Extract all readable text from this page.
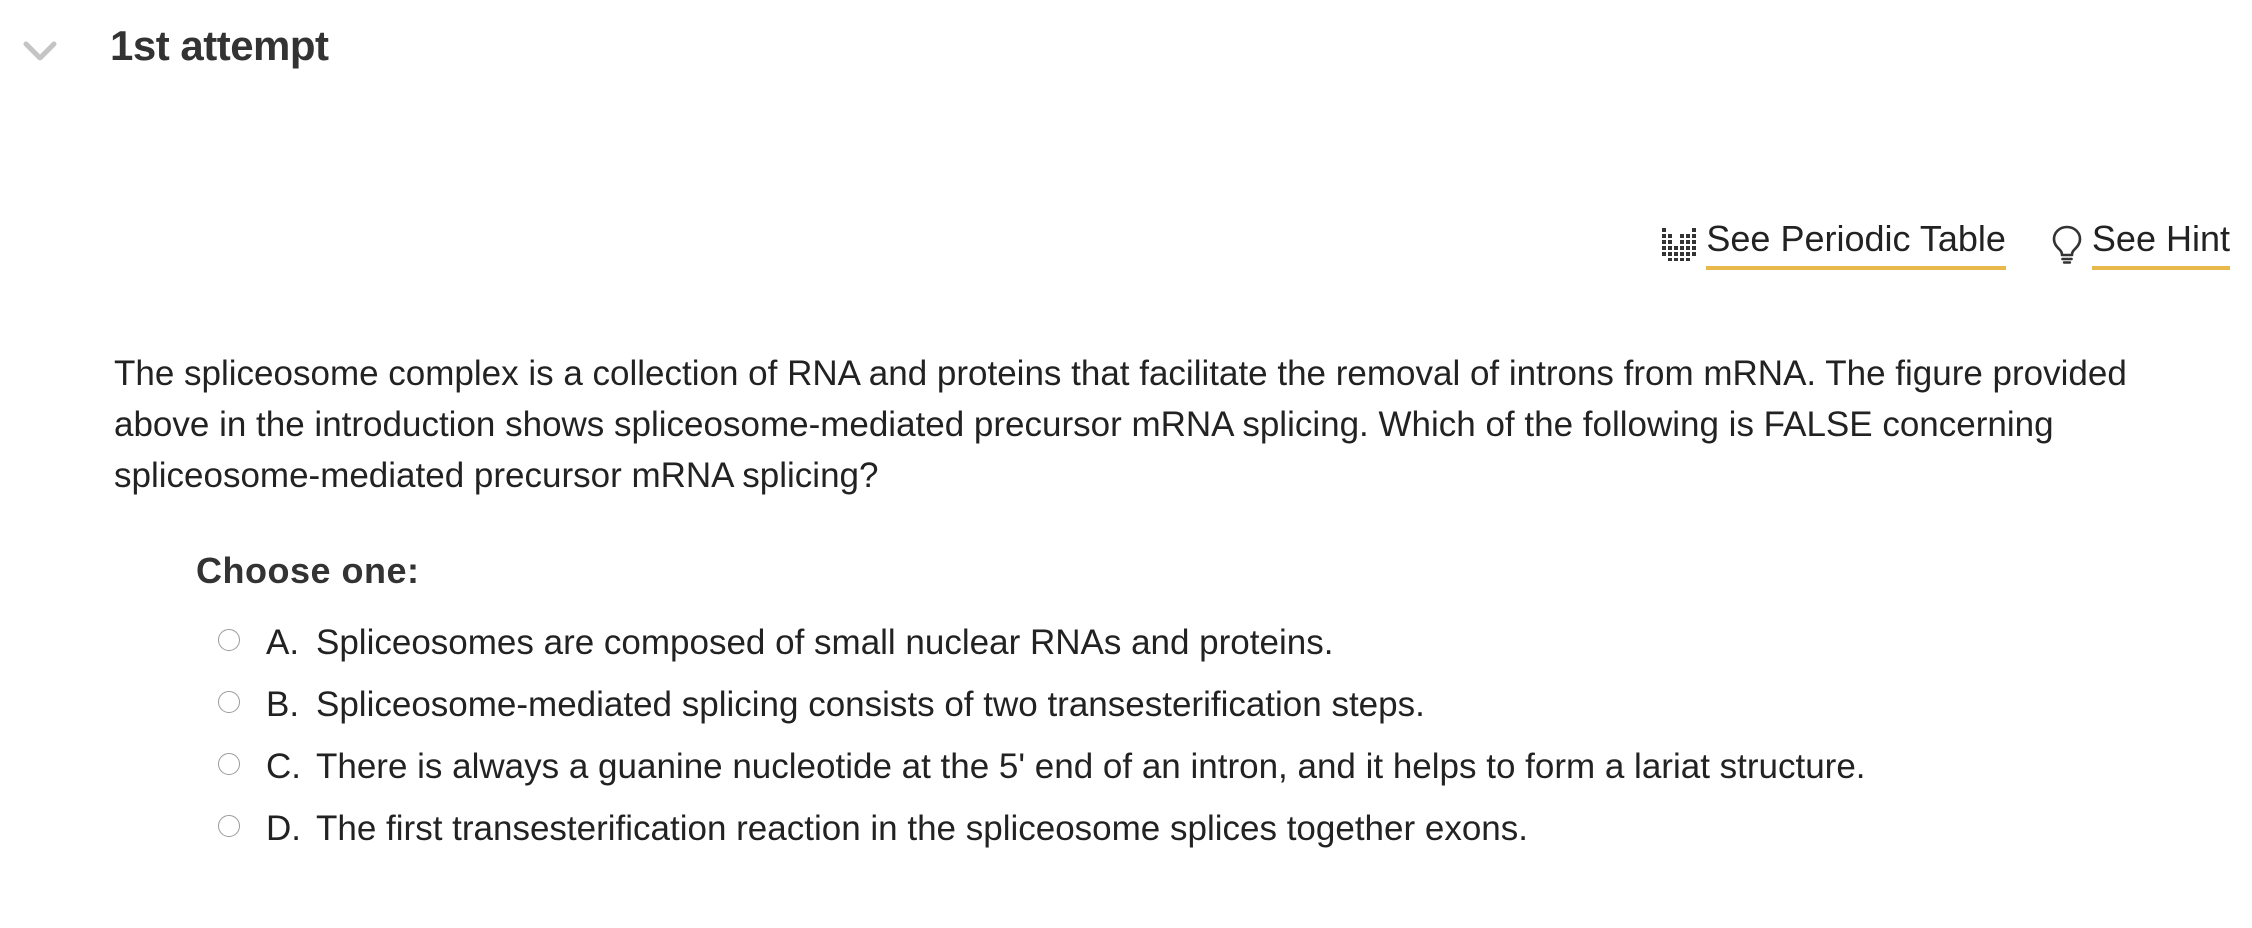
1st attempt
See Periodic Table See Hint
The spliceosome complex is a collection of RNA and proteins that facilitate the removal of introns from mRNA. The figure provided above in the introduction shows spliceosome-mediated precursor mRNA splicing. Which of the following is FALSE concerning spliceosome-mediated precursor mRNA splicing?
Choose one:
A. Spliceosomes are composed of small nuclear RNAs and proteins.
B. Spliceosome-mediated splicing consists of two transesterification steps.
C. There is always a guanine nucleotide at the 5' end of an intron, and it helps to form a lariat structure.
D. The first transesterification reaction in the spliceosome splices together exons.
